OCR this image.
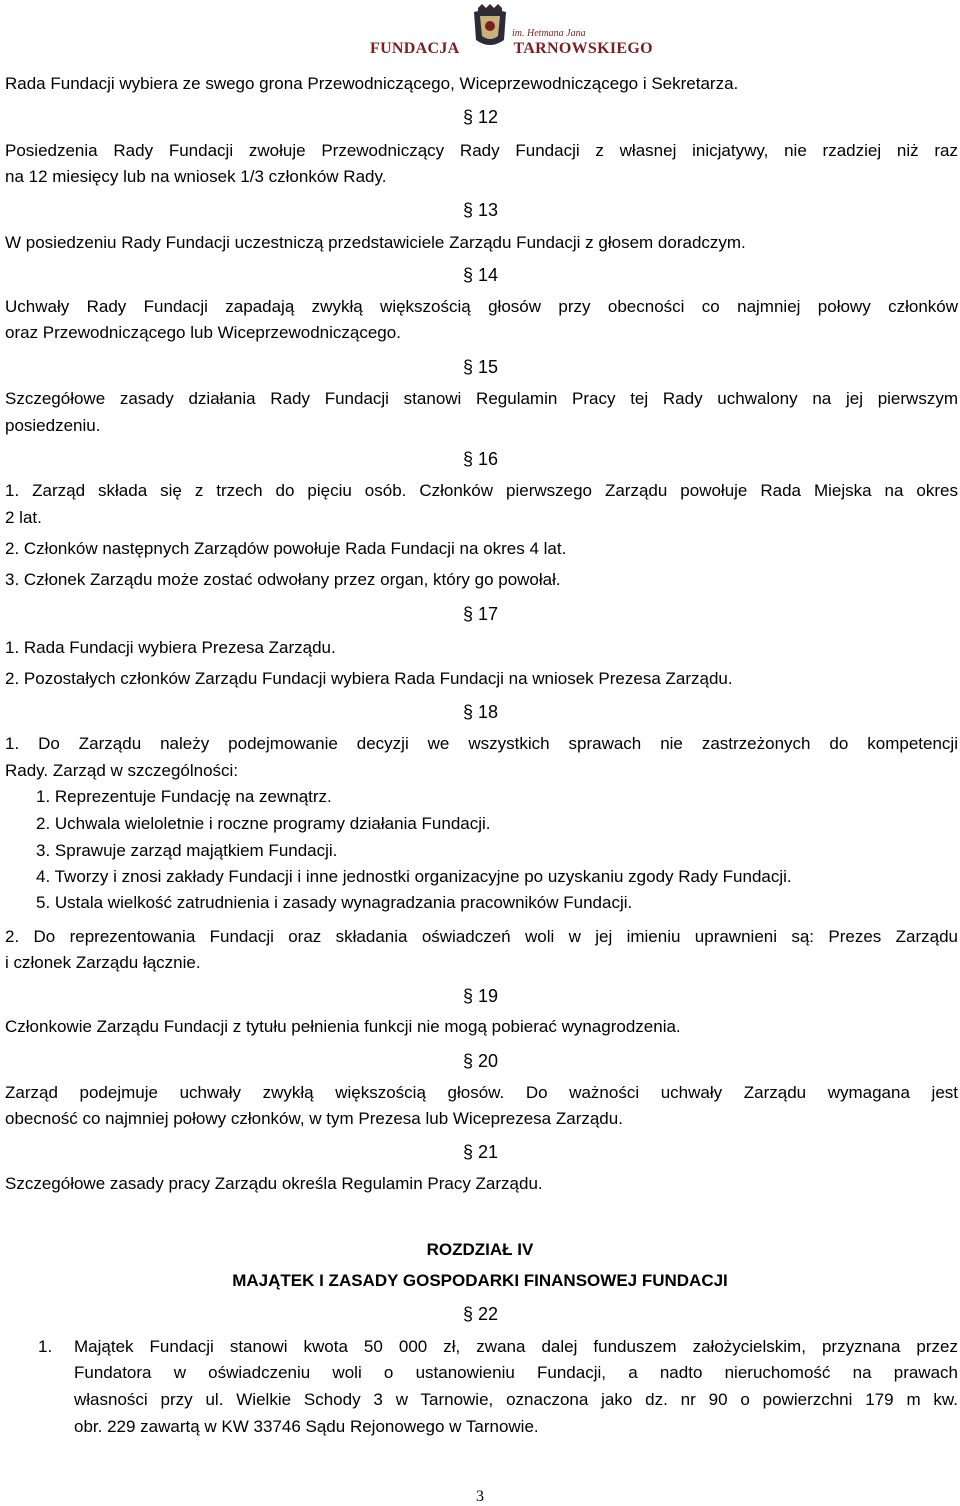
im. Hetmana Jana
FUNDACJA	TARNOWSKIEGO
Rada Fundacji wybiera ze swego grona Przewodniczącego, Wiceprzewodniczącego i Sekretarza.
§ 12
Posiedzenia Rady Fundacji zwołuje Przewodniczący Rady Fundacji z własnej inicjatywy, nie rzadziej niż raz
na 12 miesięcy lub na wniosek 1/3 członków Rady.
§ 13
W posiedzeniu Rady Fundacji uczestniczą przedstawiciele Zarządu Fundacji z głosem doradczym.
§ 14
Uchwały Rady Fundacji zapadają zwykłą większością głosów przy obecności co najmniej połowy członków
oraz Przewodniczącego lub Wiceprzewodniczącego.
§ 15
Szczegółowe zasady działania Rady Fundacji stanowi Regulamin Pracy tej Rady uchwalony na jej pierwszym
posiedzeniu.
§ 16
1. Zarząd składa się z trzech do pięciu osób. Członków pierwszego Zarządu powołuje Rada Miejska na okres
2 lat.
2. Członków następnych Zarządów powołuje Rada Fundacji na okres 4 lat.
3. Członek Zarządu może zostać odwołany przez organ, który go powołał.
§ 17
1. Rada Fundacji wybiera Prezesa Zarządu.
2. Pozostałych członków Zarządu Fundacji wybiera Rada Fundacji na wniosek Prezesa Zarządu.
§ 18
1. Do Zarządu należy podejmowanie decyzji we wszystkich sprawach nie zastrzeżonych do kompetencji
Rady. Zarząd w szczególności:
1. Reprezentuje Fundację na zewnątrz.
2. Uchwala wieloletnie i roczne programy działania Fundacji.
3. Sprawuje zarząd majątkiem Fundacji.
4. Tworzy i znosi zakłady Fundacji i inne jednostki organizacyjne po uzyskaniu zgody Rady Fundacji.
5. Ustala wielkość zatrudnienia i zasady wynagradzania pracowników Fundacji.
2. Do reprezentowania Fundacji oraz składania oświadczeń woli w jej imieniu uprawnieni są: Prezes Zarządu
i członek Zarządu łącznie.
§ 19
Członkowie Zarządu Fundacji z tytułu pełnienia funkcji nie mogą pobierać wynagrodzenia.
§ 20
Zarząd podejmuje uchwały zwykłą większością głosów. Do ważności uchwały Zarządu wymagana jest
obecność co najmniej połowy członków, w tym Prezesa lub Wiceprezesa Zarządu.
§ 21
Szczegółowe zasady pracy Zarządu określa Regulamin Pracy Zarządu.
ROZDZIAŁ IV
MAJĄTEK I ZASADY GOSPODARKI FINANSOWEJ FUNDACJI
§ 22
1. Majątek Fundacji stanowi kwota 50 000 zł, zwana dalej funduszem założycielskim, przyznana przez
Fundatora w oświadczeniu woli o ustanowieniu Fundacji, a nadto nieruchomość na prawach
własności przy ul. Wielkie Schody 3 w Tarnowie, oznaczona jako dz. nr 90 o powierzchni 179 m kw.
obr. 229 zawartą w KW 33746 Sądu Rejonowego w Tarnowie.
3
